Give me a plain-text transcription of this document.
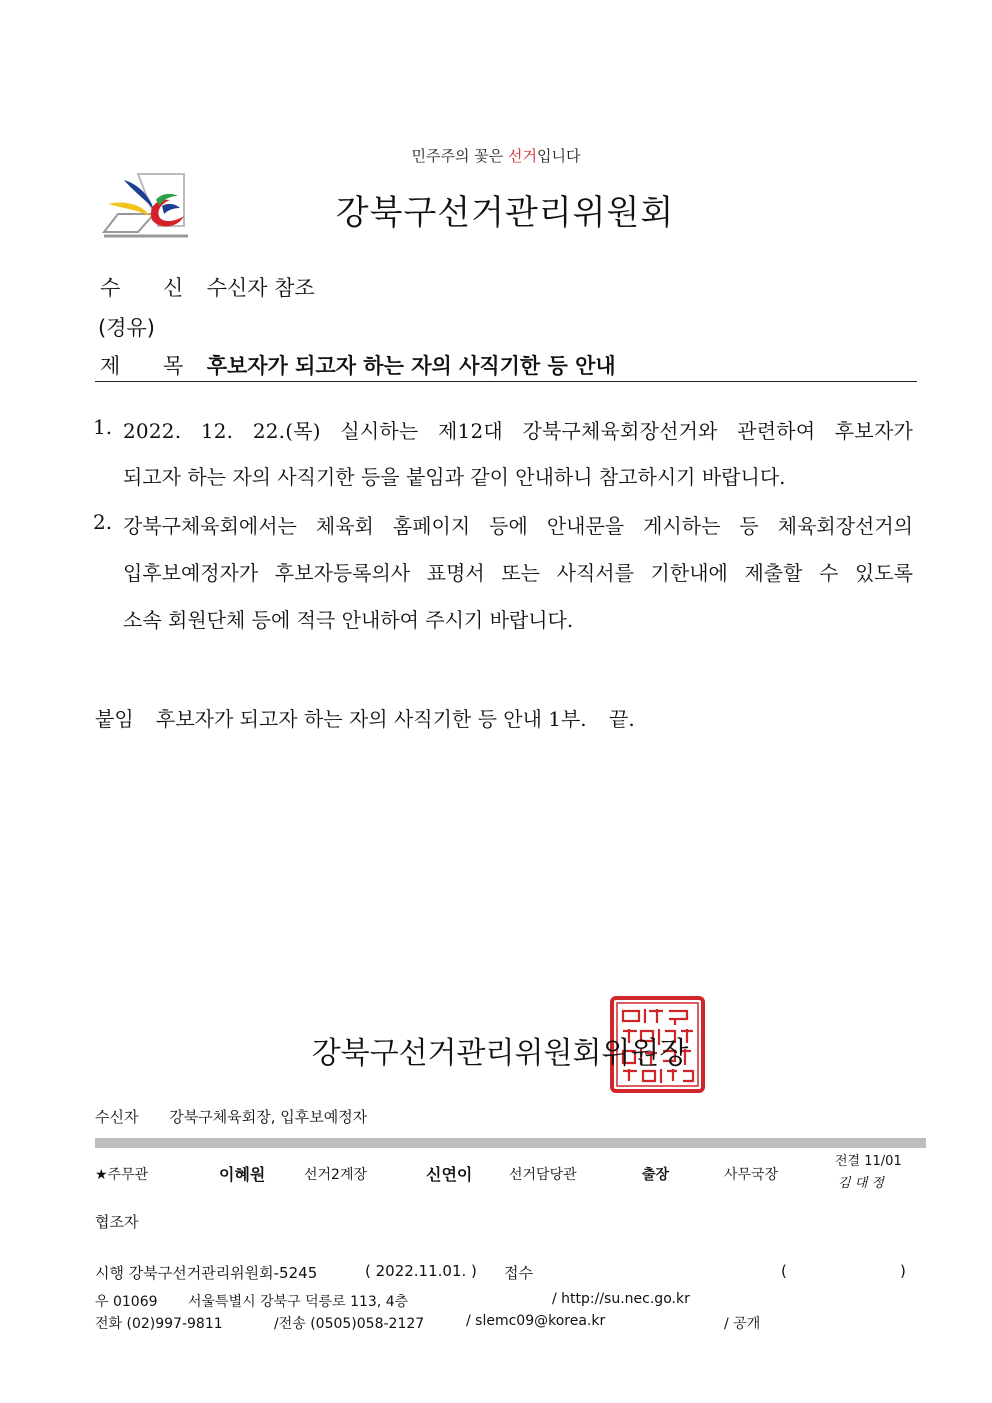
민주주의 꽃은 선거입니다
강북구선거관리위원회
수 신 수신자 참조
(경유)
제 목 후보자가 되고자 하는 자의 사직기한 등 안내
1. 2022. 12. 22.(목) 실시하는 제12대 강북구체육회장선거와 관련하여 후보자가
되고자 하는 자의 사직기한 등을 붙임과 같이 안내하니 참고하시기 바랍니다.
2. 강북구체육회에서는 체육회 홈페이지 등에 안내문을 게시하는 등 체육회장선거의
입후보예정자가 후보자등록의사 표명서 또는 사직서를 기한내에 제출할 수 있도록
소속 회원단체 등에 적극 안내하여 주시기 바랍니다.
붙임 후보자가 되고자 하는 자의 사직기한 등 안내 1부. 끝.
강북구선거관리위원회위원장
수신자 강북구체육회장, 입후보예정자
★주무관	이혜원	선거2계장	신연이	선거담당관	출장	사무국장
전결 11/01
김 대 정
협조자
시행 강북구선거관리위원회-5245	( 2022.11.01. ) 접수	(	)
우 01069 서울특별시 강북구 덕릉로 113, 4층	/ http://su.nec.go.kr
전화 (02)997-9811	/전송 (0505)058-2127	/ slemc09@korea.kr	/ 공개
